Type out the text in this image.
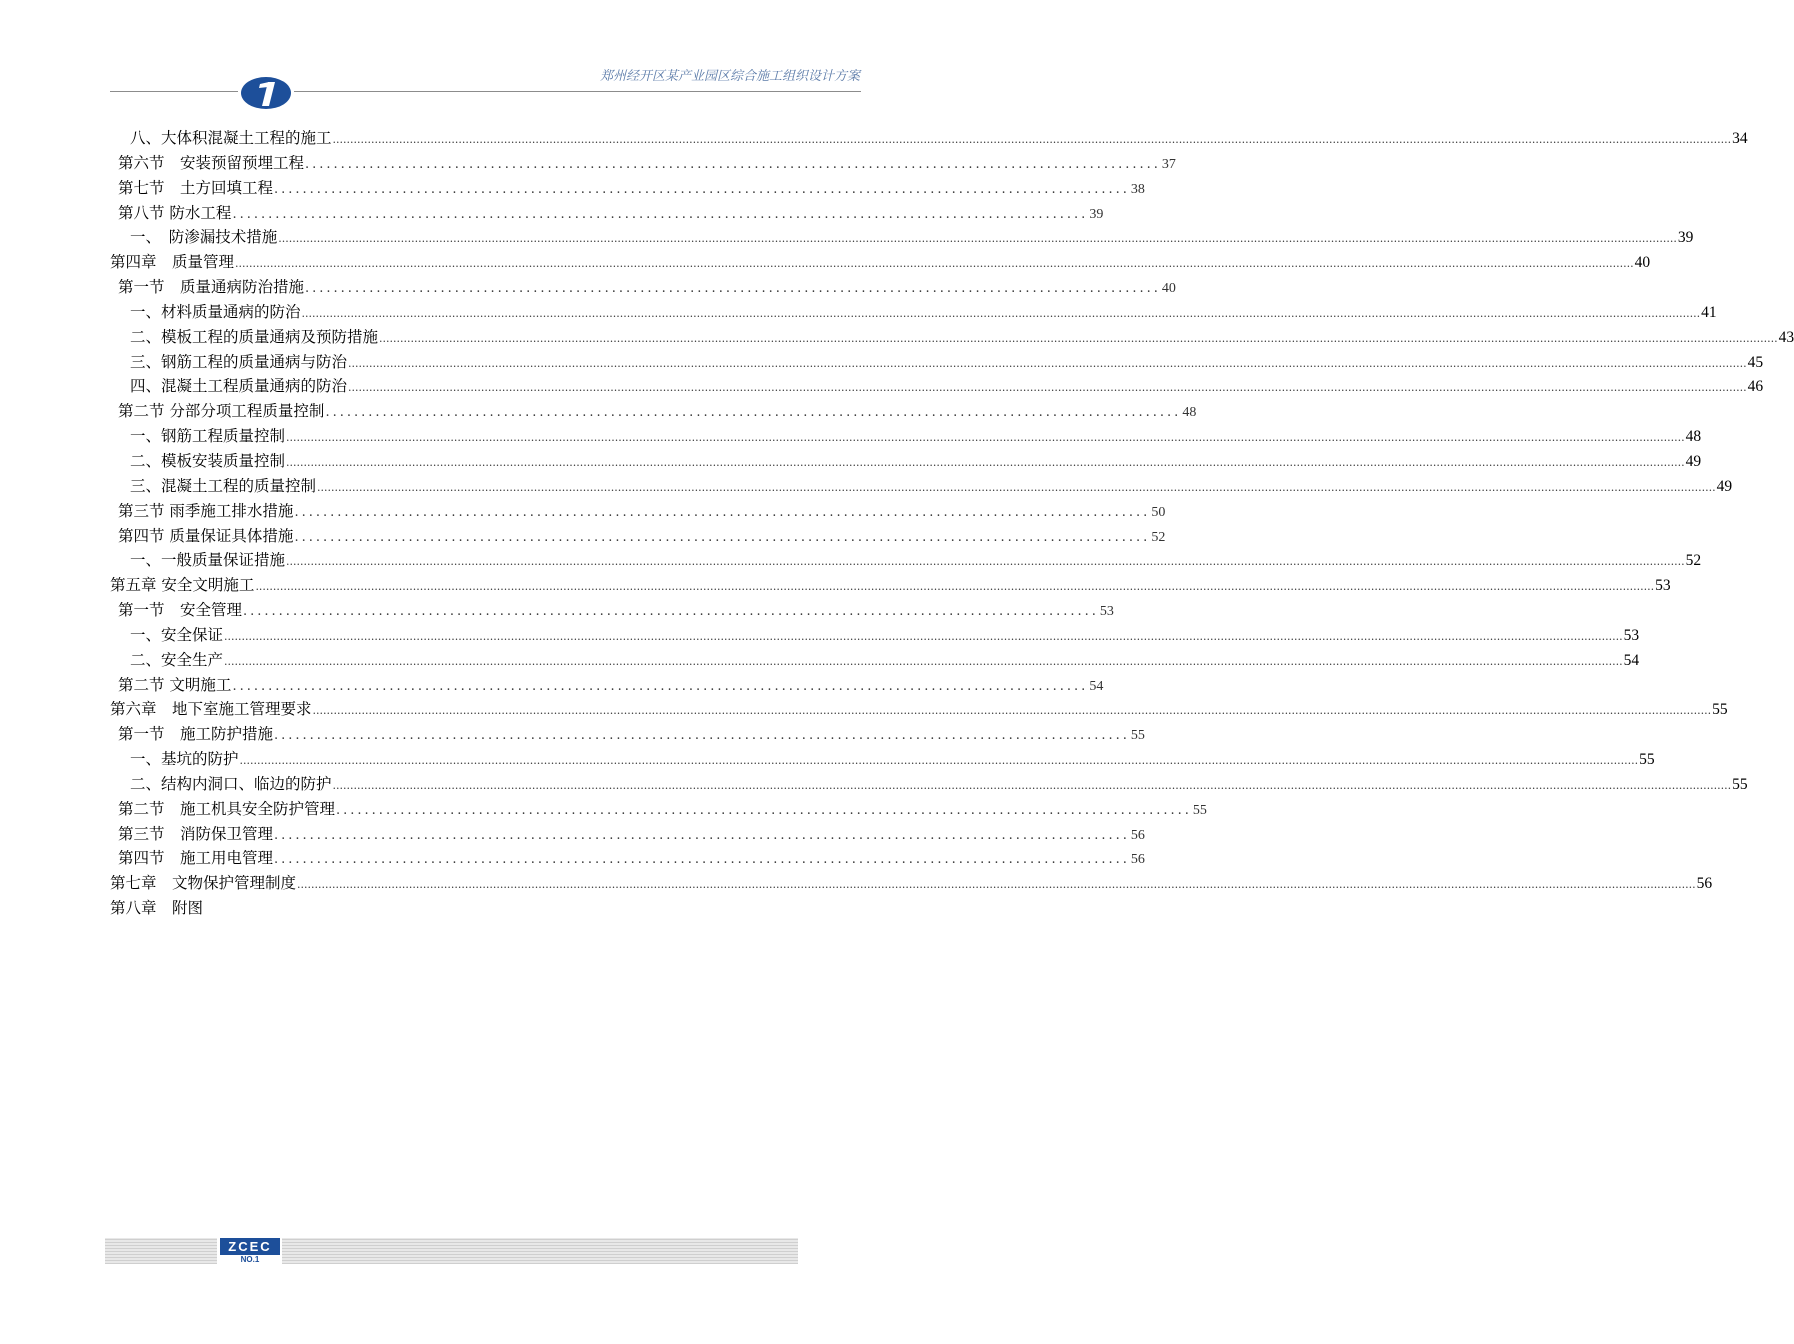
郑州经开区某产业园区综合施工组织设计方案
八、大体积混凝土工程的施工 ................................................................................................................................................................................................................................................................................................................................................................................................................ 34
第六节　安装预留预埋工程 ........................................................................................................................ 37
第七节　土方回填工程 ........................................................................................................................ 38
第八节 防水工程 ........................................................................................................................ 39
一、　防渗漏技术措施 ................................................................................................................................................................................................................................................................................................................................................................................................................ 39
第四章　质量管理 ................................................................................................................................................................................................................................................................................................................................................................................................................ 40
第一节　质量通病防治措施 ........................................................................................................................ 40
一、材料质量通病的防治 ................................................................................................................................................................................................................................................................................................................................................................................................................ 41
二、模板工程的质量通病及预防措施 ................................................................................................................................................................................................................................................................................................................................................................................................................ 43
三、钢筋工程的质量通病与防治 ................................................................................................................................................................................................................................................................................................................................................................................................................ 45
四、混凝土工程质量通病的防治 ................................................................................................................................................................................................................................................................................................................................................................................................................ 46
第二节 分部分项工程质量控制 ........................................................................................................................ 48
一、钢筋工程质量控制 ................................................................................................................................................................................................................................................................................................................................................................................................................ 48
二、模板安装质量控制 ................................................................................................................................................................................................................................................................................................................................................................................................................ 49
三、混凝土工程的质量控制 ................................................................................................................................................................................................................................................................................................................................................................................................................ 49
第三节 雨季施工排水措施 ........................................................................................................................ 50
第四节 质量保证具体措施 ........................................................................................................................ 52
一、一般质量保证措施 ................................................................................................................................................................................................................................................................................................................................................................................................................ 52
第五章 安全文明施工 ................................................................................................................................................................................................................................................................................................................................................................................................................ 53
第一节　安全管理 ........................................................................................................................ 53
一、安全保证 ................................................................................................................................................................................................................................................................................................................................................................................................................ 53
二、安全生产 ................................................................................................................................................................................................................................................................................................................................................................................................................ 54
第二节 文明施工 ........................................................................................................................ 54
第六章　地下室施工管理要求 ................................................................................................................................................................................................................................................................................................................................................................................................................ 55
第一节　施工防护措施 ........................................................................................................................ 55
一、基坑的防护 ................................................................................................................................................................................................................................................................................................................................................................................................................ 55
二、结构内洞口、临边的防护 ................................................................................................................................................................................................................................................................................................................................................................................................................ 55
第二节　施工机具安全防护管理 ........................................................................................................................ 55
第三节　消防保卫管理 ........................................................................................................................ 56
第四节　施工用电管理 ........................................................................................................................ 56
第七章　文物保护管理制度 ................................................................................................................................................................................................................................................................................................................................................................................................................ 56
第八章　附图
ZCEC
NO.1
